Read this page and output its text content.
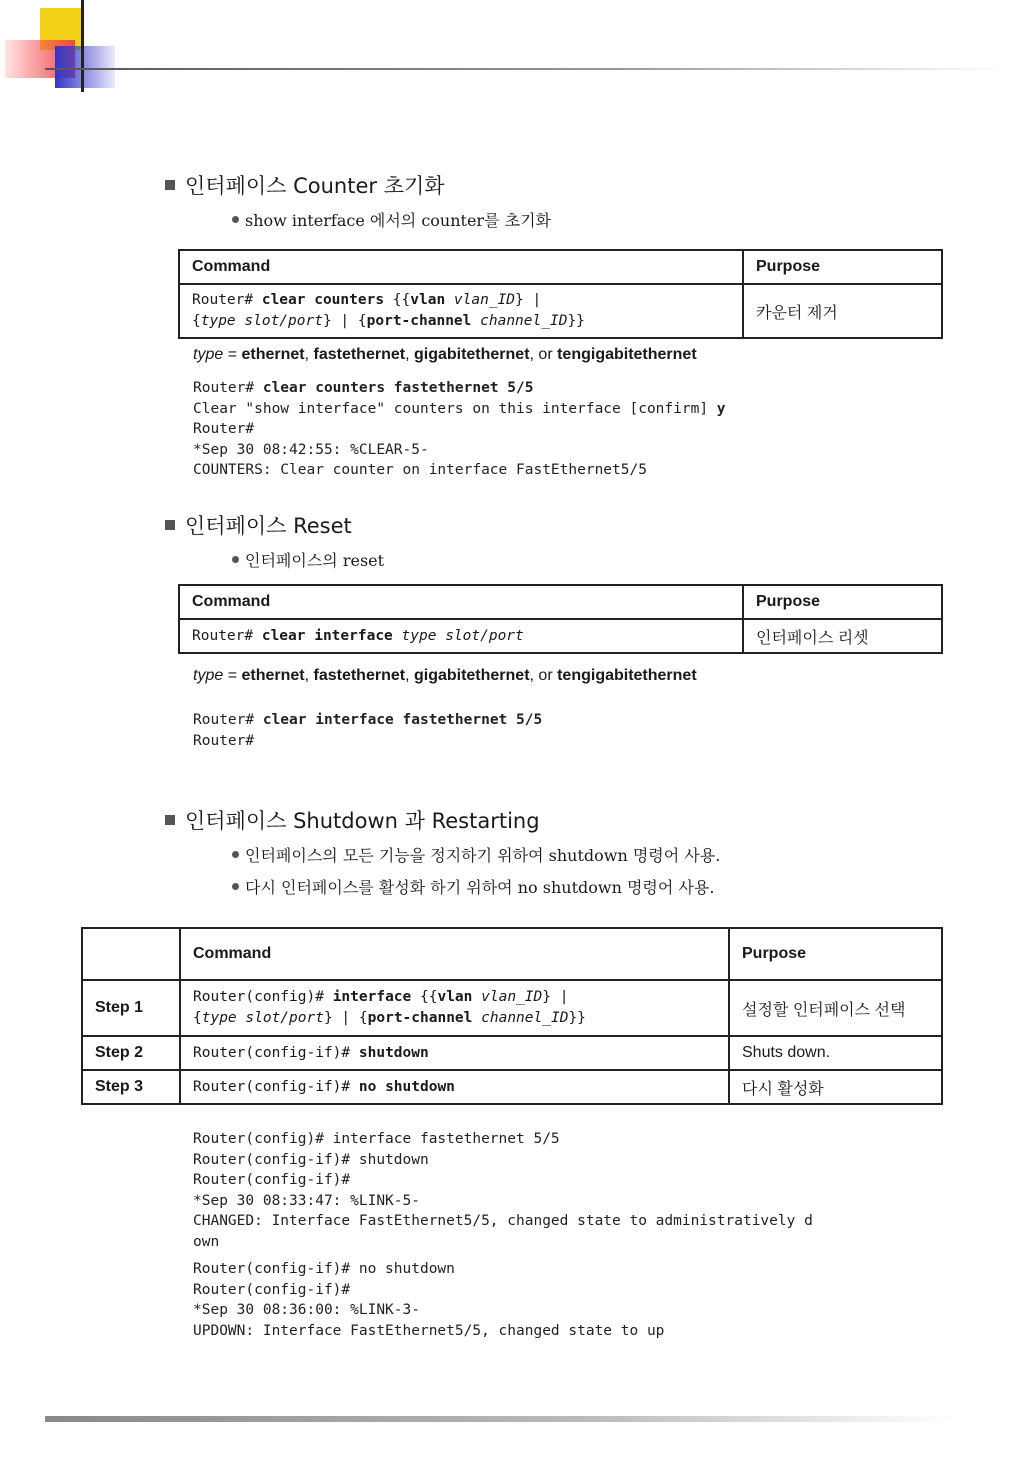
인터페이스 Counter 초기화
show interface 에서의 counter를 초기화
Command	Purpose
Router# clear counters {{vlan vlan_ID} |
{type slot/port} | {port-channel channel_ID}}	카운터 제거
type = ethernet, fastethernet, gigabitethernet, or tengigabitethernet
Router# clear counters fastethernet 5/5
Clear "show interface" counters on this interface [confirm] y
Router#
*Sep 30 08:42:55: %CLEAR-5-
COUNTERS: Clear counter on interface FastEthernet5/5
인터페이스 Reset
인터페이스의 reset
Command	Purpose
Router# clear interface type slot/port	인터페이스 리셋
type = ethernet, fastethernet, gigabitethernet, or tengigabitethernet
Router# clear interface fastethernet 5/5
Router#
인터페이스 Shutdown 과 Restarting
인터페이스의 모든 기능을 정지하기 위하여 shutdown 명령어 사용.
다시 인터페이스를 활성화 하기 위하여 no shutdown 명령어 사용.
	Command	Purpose
Step 1	Router(config)# interface {{vlan vlan_ID} |
{type slot/port} | {port-channel channel_ID}}	설정할 인터페이스 선택
Step 2	Router(config-if)# shutdown	Shuts down.
Step 3	Router(config-if)# no shutdown	다시 활성화
Router(config)# interface fastethernet 5/5
Router(config-if)# shutdown
Router(config-if)#
*Sep 30 08:33:47: %LINK-5-
CHANGED: Interface FastEthernet5/5, changed state to administratively d
own
Router(config-if)# no shutdown
Router(config-if)#
*Sep 30 08:36:00: %LINK-3-
UPDOWN: Interface FastEthernet5/5, changed state to up
